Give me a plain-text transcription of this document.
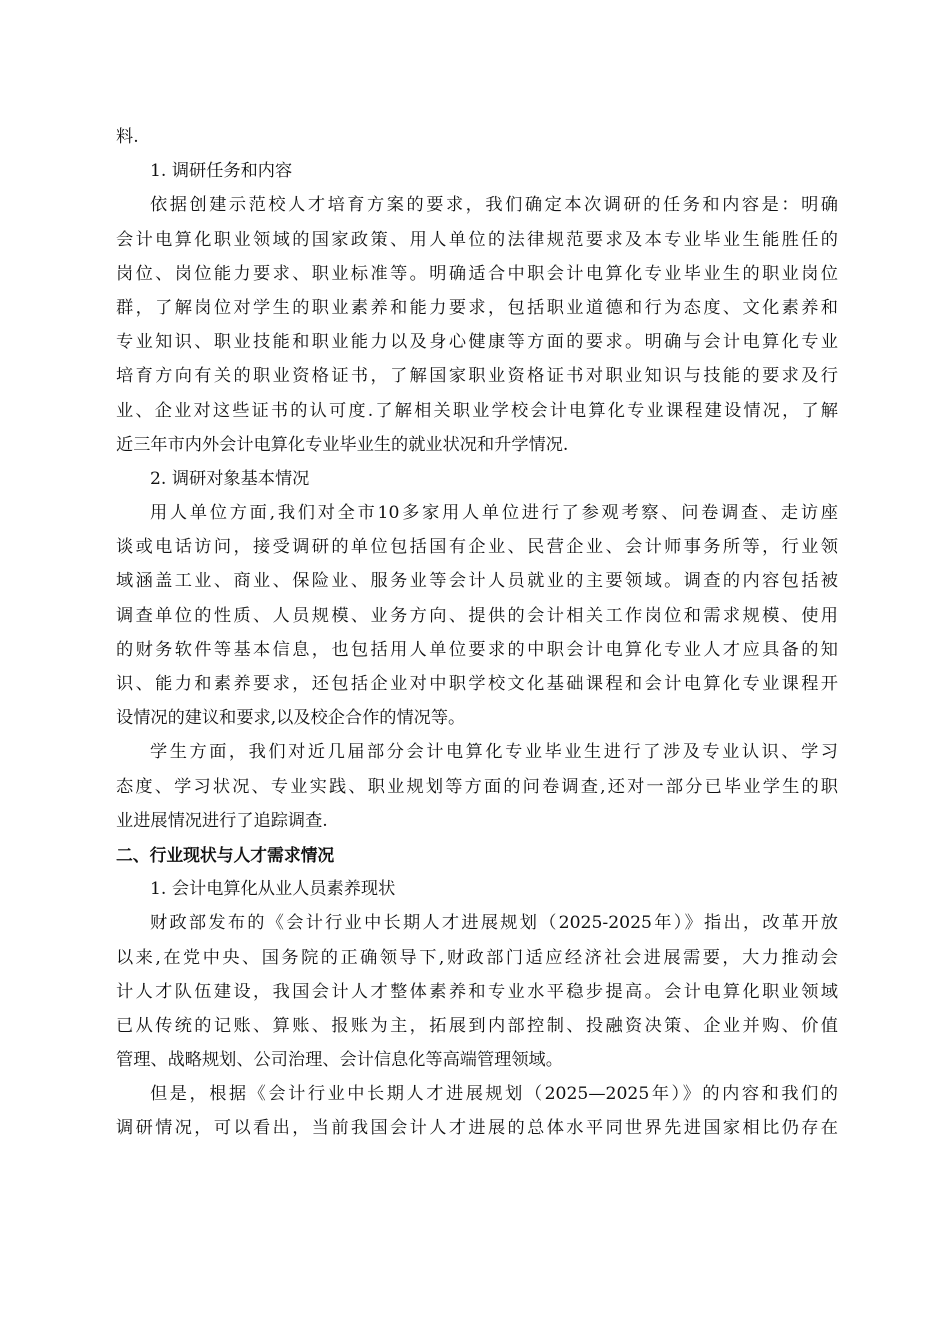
料.
1. 调研任务和内容
依据创建示范校人才培育方案的要求，我们确定本次调研的任务和内容是：明确
会计电算化职业领域的国家政策、用人单位的法律规范要求及本专业毕业生能胜任的
岗位、岗位能力要求、职业标准等。明确适合中职会计电算化专业毕业生的职业岗位
群，了解岗位对学生的职业素养和能力要求，包括职业道德和行为态度、文化素养和
专业知识、职业技能和职业能力以及身心健康等方面的要求。明确与会计电算化专业
培育方向有关的职业资格证书，了解国家职业资格证书对职业知识与技能的要求及行
业、企业对这些证书的认可度.了解相关职业学校会计电算化专业课程建设情况，了解
近三年市内外会计电算化专业毕业生的就业状况和升学情况.
2. 调研对象基本情况
用人单位方面,我们对全市10多家用人单位进行了参观考察、问卷调查、走访座
谈或电话访问，接受调研的单位包括国有企业、民营企业、会计师事务所等，行业领
域涵盖工业、商业、保险业、服务业等会计人员就业的主要领域。调查的内容包括被
调查单位的性质、人员规模、业务方向、提供的会计相关工作岗位和需求规模、使用
的财务软件等基本信息，也包括用人单位要求的中职会计电算化专业人才应具备的知
识、能力和素养要求，还包括企业对中职学校文化基础课程和会计电算化专业课程开
设情况的建议和要求,以及校企合作的情况等。
学生方面，我们对近几届部分会计电算化专业毕业生进行了涉及专业认识、学习
态度、学习状况、专业实践、职业规划等方面的问卷调查,还对一部分已毕业学生的职
业进展情况进行了追踪调查.
二、行业现状与人才需求情况
1. 会计电算化从业人员素养现状
财政部发布的《会计行业中长期人才进展规划（2025-2025年）》指出，改革开放
以来,在党中央、国务院的正确领导下,财政部门适应经济社会进展需要，大力推动会
计人才队伍建设，我国会计人才整体素养和专业水平稳步提高。会计电算化职业领域
已从传统的记账、算账、报账为主，拓展到内部控制、投融资决策、企业并购、价值
管理、战略规划、公司治理、会计信息化等高端管理领域。
但是，根据《会计行业中长期人才进展规划（2025—2025年）》的内容和我们的
调研情况，可以看出，当前我国会计人才进展的总体水平同世界先进国家相比仍存在
